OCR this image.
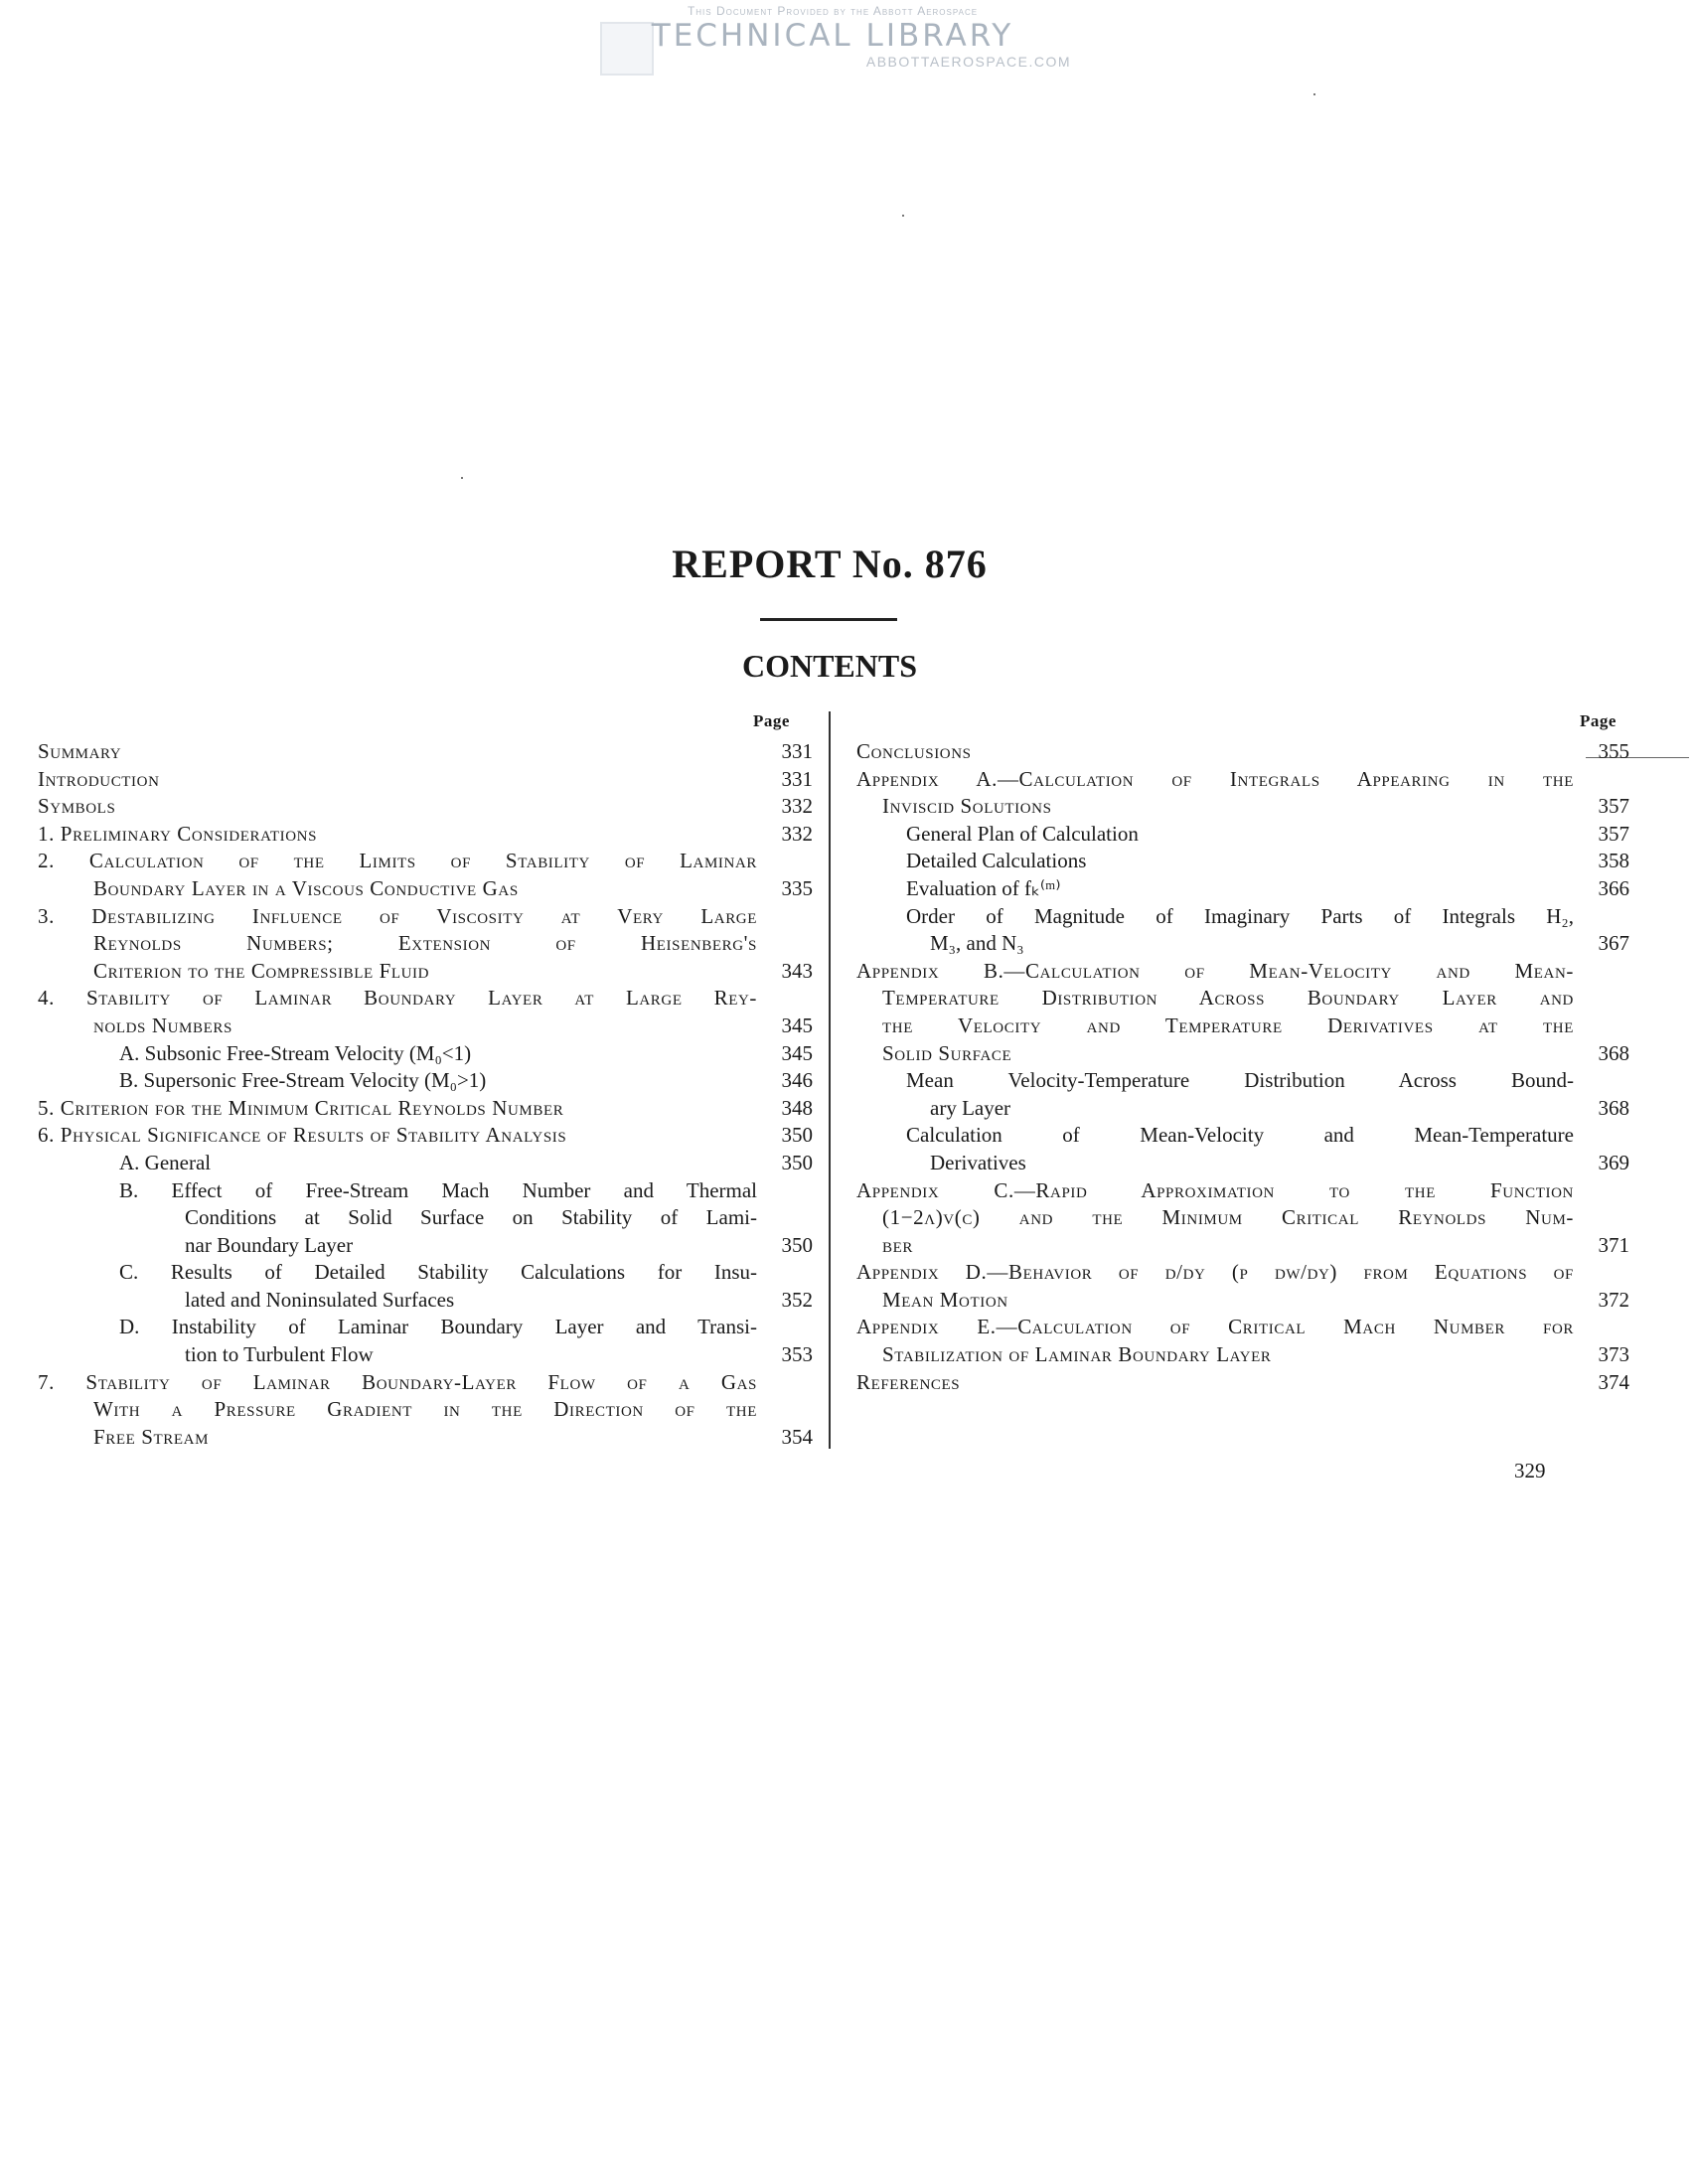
This Document Provided by the Abbott Aerospace
TECHNICAL LIBRARY
ABBOTTAEROSPACE.COM
REPORT No. 876
CONTENTS
Page
Summary	331
Introduction	331
Symbols	332
1. Preliminary Considerations	332
2. Calculation of the Limits of Stability of Laminar
Boundary Layer in a Viscous Conductive Gas	335
3. Destabilizing Influence of Viscosity at Very Large
Reynolds Numbers; Extension of Heisenberg's
Criterion to the Compressible Fluid	343
4. Stability of Laminar Boundary Layer at Large Rey-
nolds Numbers	345
A. Subsonic Free-Stream Velocity (M₀<1)	345
B. Supersonic Free-Stream Velocity (M₀>1)	346
5. Criterion for the Minimum Critical Reynolds Number	348
6. Physical Significance of Results of Stability Analysis	350
A. General	350
B. Effect of Free-Stream Mach Number and Thermal
Conditions at Solid Surface on Stability of Lami-
nar Boundary Layer	350
C. Results of Detailed Stability Calculations for Insu-
lated and Noninsulated Surfaces	352
D. Instability of Laminar Boundary Layer and Transi-
tion to Turbulent Flow	353
7. Stability of Laminar Boundary-Layer Flow of a Gas
With a Pressure Gradient in the Direction of the
Free Stream	354
Page
Conclusions	355
Appendix A.—Calculation of Integrals Appearing in the
Inviscid Solutions	357
General Plan of Calculation	357
Detailed Calculations	358
Evaluation of fₖ⁽ᵐ⁾	366
Order of Magnitude of Imaginary Parts of Integrals H₂,
M₃, and N₃	367
Appendix B.—Calculation of Mean-Velocity and Mean-
Temperature Distribution Across Boundary Layer and
the Velocity and Temperature Derivatives at the
Solid Surface	368
Mean Velocity-Temperature Distribution Across Bound-
ary Layer	368
Calculation of Mean-Velocity and Mean-Temperature
Derivatives	369
Appendix C.—Rapid Approximation to the Function
(1−2λ)v(c) and the Minimum Critical Reynolds Num-
ber	371
Appendix D.—Behavior of d/dy (ρ dw/dy) from Equations of
Mean Motion	372
Appendix E.—Calculation of Critical Mach Number for
Stabilization of Laminar Boundary Layer	373
References	374
329
